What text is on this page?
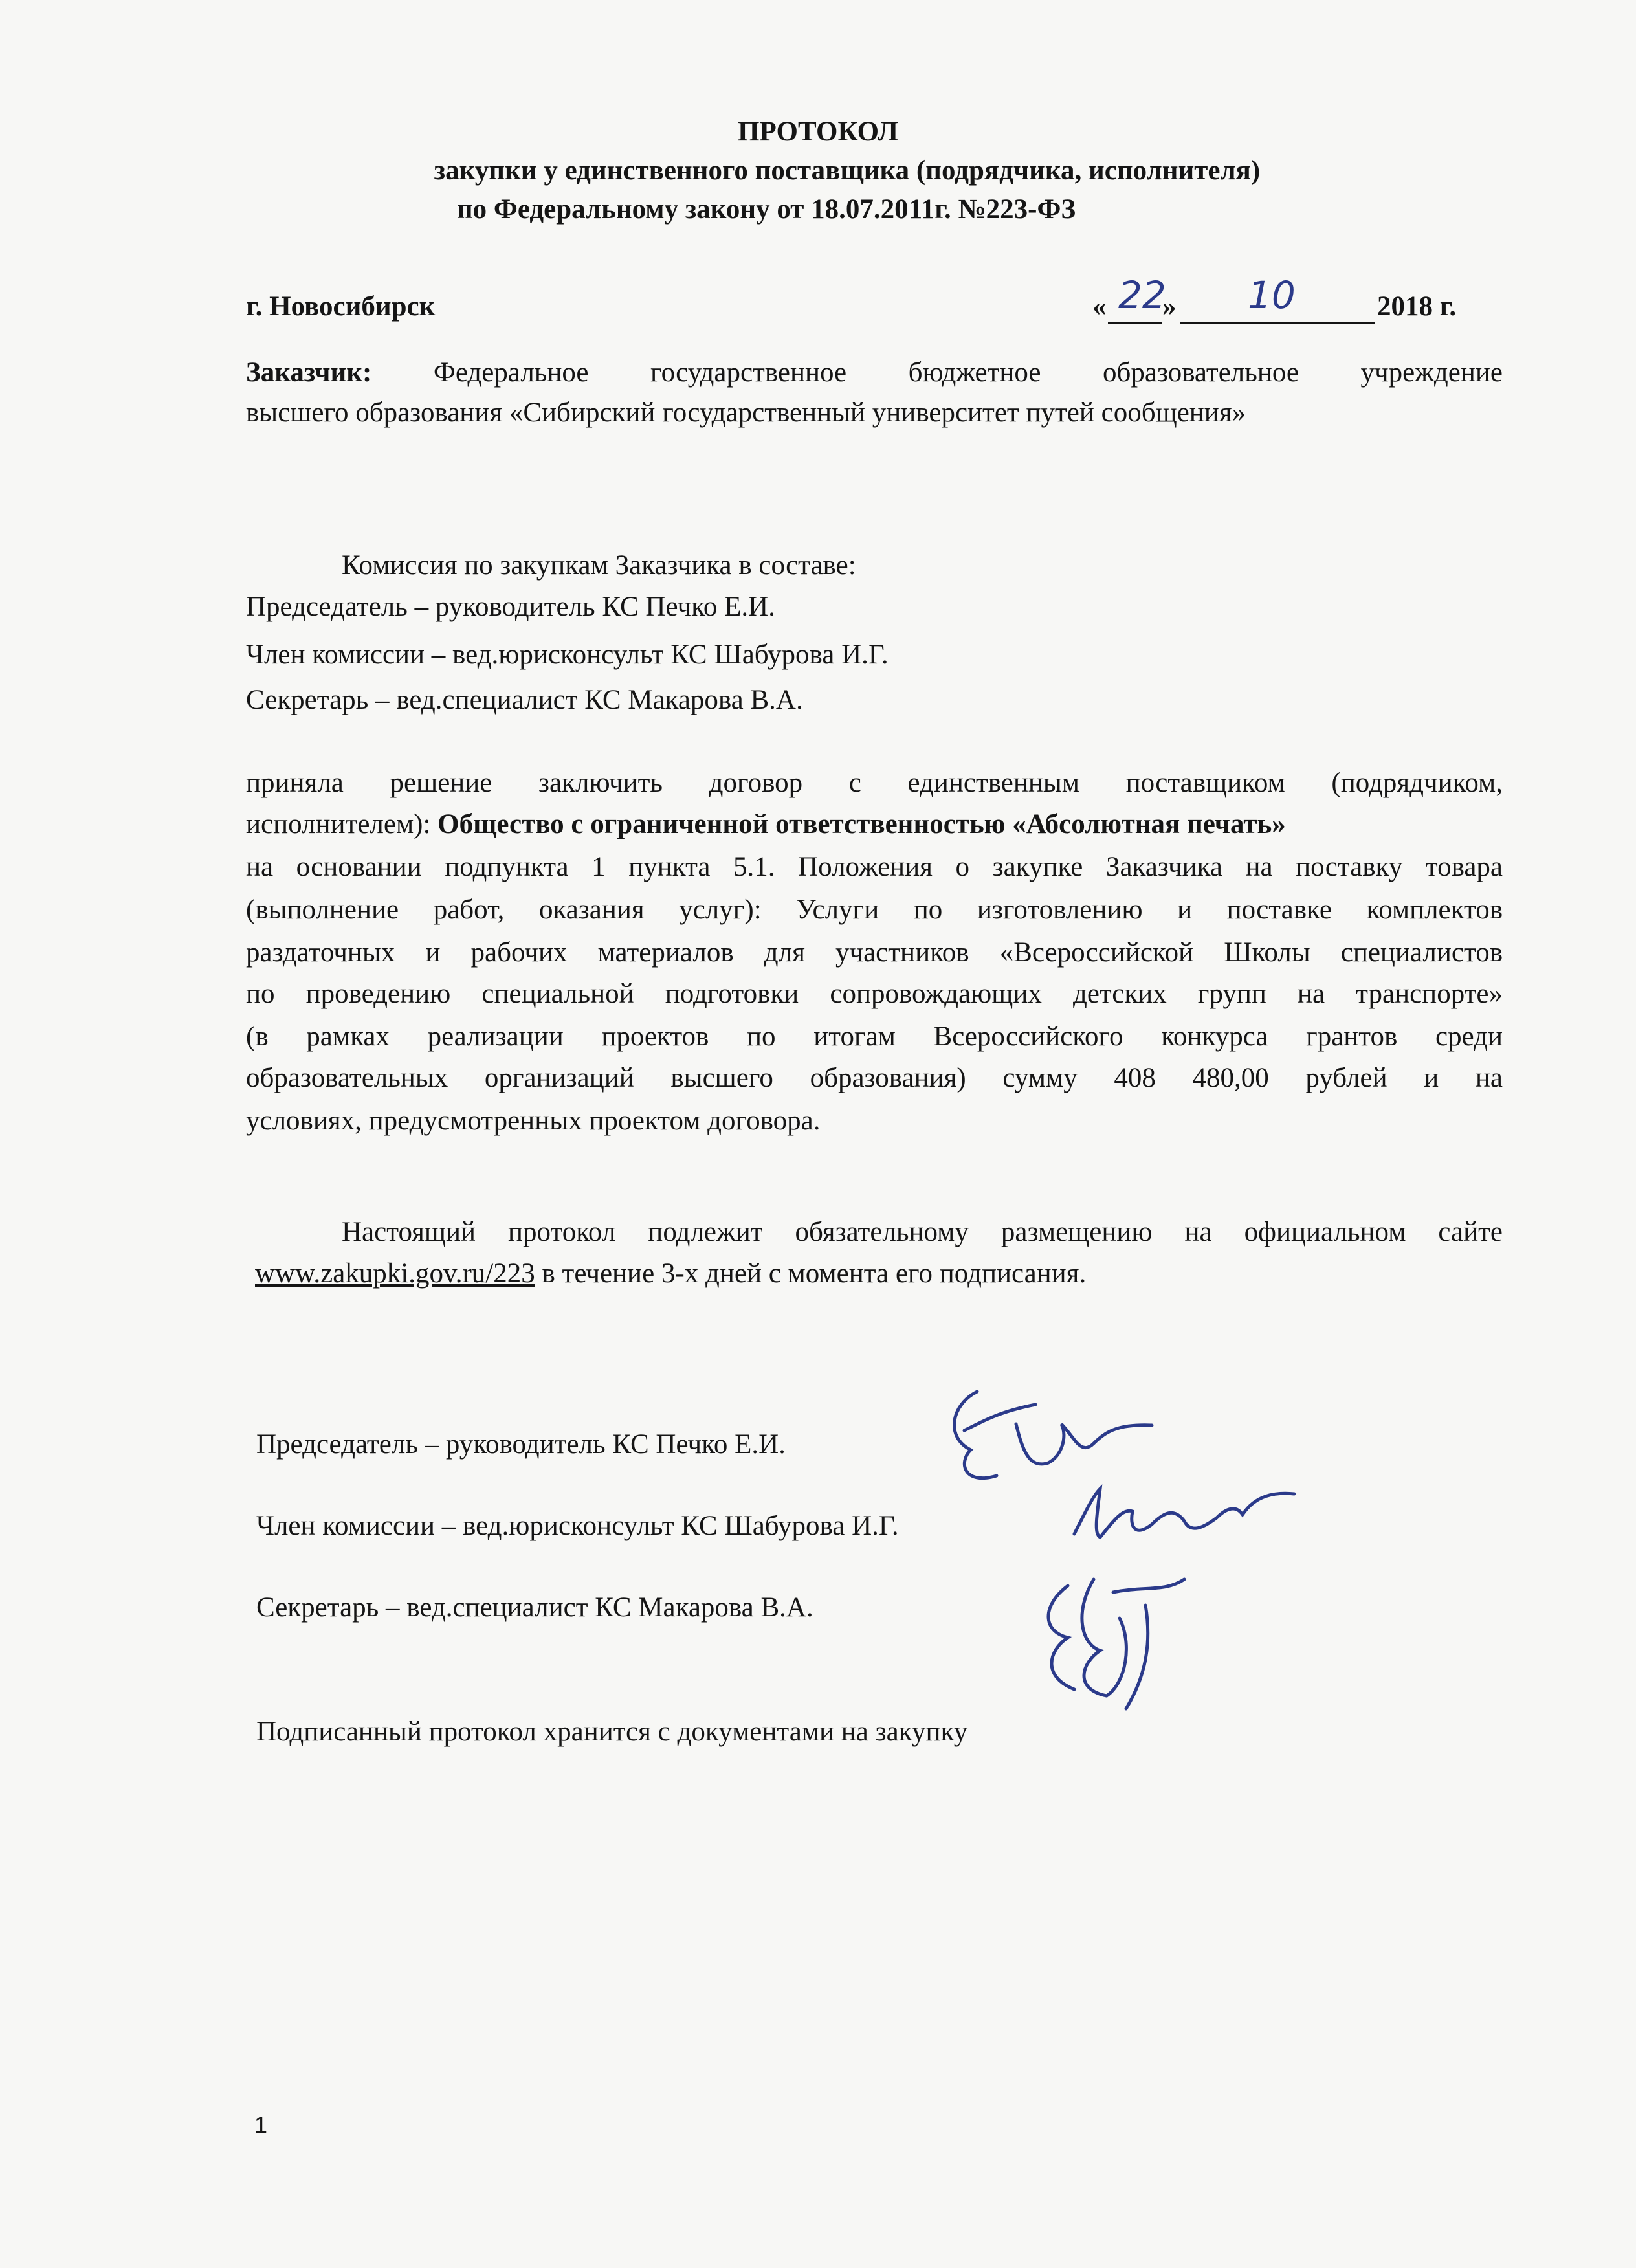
ПРОТОКОЛ
закупки у единственного поставщика (подрядчика, исполнителя)
по Федеральному закону от 18.07.2011г. №223-ФЗ
г. Новосибирск	« 22
» 10	2018 г.
Заказчик: Федеральное государственное бюджетное образовательное учреждение
высшего образования «Сибирский государственный университет путей сообщения»
Комиссия по закупкам Заказчика в составе:
Председатель – руководитель КС Печко Е.И.
Член комиссии – вед.юрисконсульт КС Шабурова И.Г.
Секретарь – вед.специалист КС Макарова В.А.
приняла решение заключить договор с единственным поставщиком (подрядчиком,
исполнителем): Общество с ограниченной ответственностью «Абсолютная печать»
на основании подпункта 1 пункта 5.1. Положения о закупке Заказчика на поставку товара
(выполнение работ, оказания услуг): Услуги по изготовлению и поставке комплектов
раздаточных и рабочих материалов для участников «Всероссийской Школы специалистов
по проведению специальной подготовки сопровождающих детских групп на транспорте»
(в рамках реализации проектов по итогам Всероссийского конкурса грантов среди
образовательных организаций высшего образования) сумму 408 480,00 рублей и на
условиях, предусмотренных проектом договора.
Настоящий протокол подлежит обязательному размещению на официальном сайте
www.zakupki.gov.ru/223 в течение 3-х дней с момента его подписания.
Председатель – руководитель КС Печко Е.И.
Член комиссии – вед.юрисконсульт КС Шабурова И.Г.
Секретарь – вед.специалист КС Макарова В.А.
Подписанный протокол хранится с документами на закупку
1
